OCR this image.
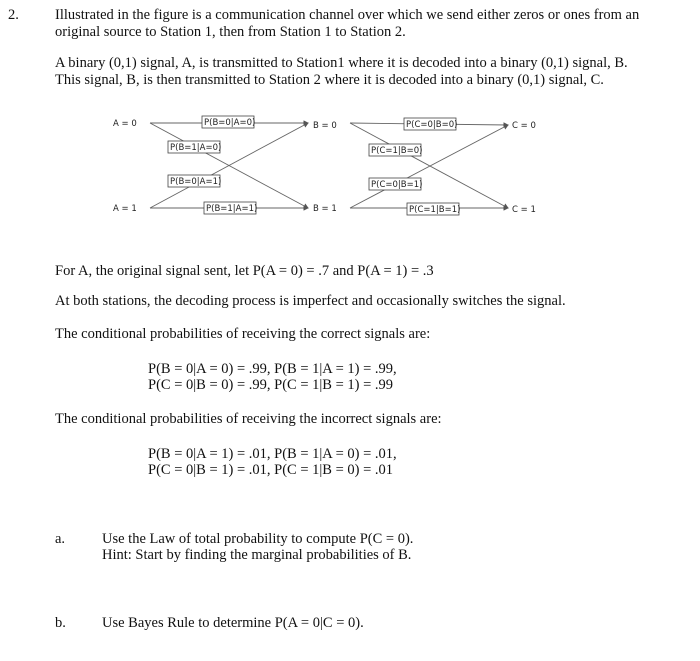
2. Illustrated in the figure is a communication channel over which we send either zeros or ones from an
original source to Station 1, then from Station 1 to Station 2.
A binary (0,1) signal, A, is transmitted to Station1 where it is decoded into a binary (0,1) signal, B.
This signal, B, is then transmitted to Station 2 where it is decoded into a binary (0,1) signal, C.
A = 0
A = 1
B = 0
B = 1
C = 0
C = 1
P(B=0|A=0)
P(B=1|A=0)
P(B=0|A=1)
P(B=1|A=1)
P(C=0|B=0)
P(C=1|B=0)
P(C=0|B=1)
P(C=1|B=1)
For A, the original signal sent, let P(A = 0) = .7 and P(A = 1) = .3
At both stations, the decoding process is imperfect and occasionally switches the signal.
The conditional probabilities of receiving the correct signals are:
P(B = 0|A = 0) = .99, P(B = 1|A = 1) = .99,
P(C = 0|B = 0) = .99, P(C = 1|B = 1) = .99
The conditional probabilities of receiving the incorrect signals are:
P(B = 0|A = 1) = .01, P(B = 1|A = 0) = .01,
P(C = 0|B = 1) = .01, P(C = 1|B = 0) = .01
a.	Use the Law of total probability to compute P(C = 0).
Hint: Start by finding the marginal probabilities of B.
b. Use Bayes Rule to determine P(A = 0|C = 0).
